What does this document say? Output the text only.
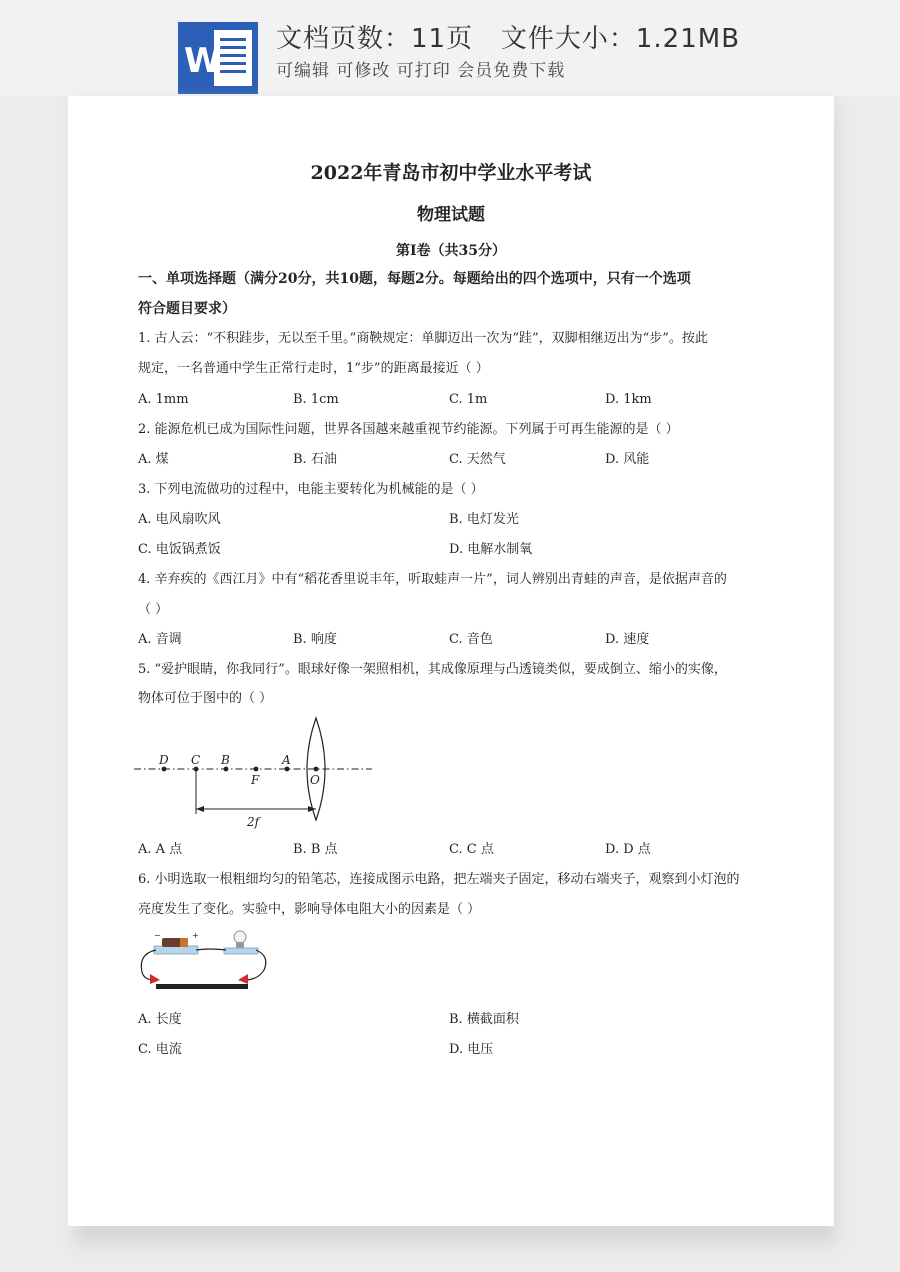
W
文档页数：11页   文件大小：1.21MB
可编辑 可修改 可打印 会员免费下载
2022年青岛市初中学业水平考试
物理试题
第I卷（共35分）
一、单项选择题（满分20分，共10题，每题2分。每题给出的四个选项中，只有一个选项
符合题目要求）
1. 古人云：“不积跬步，无以至千里。”商鞅规定：单脚迈出一次为“跬”，双脚相继迈出为“步”。按此
规定，一名普通中学生正常行走时，1“步”的距离最接近（ ）
A. 1mm	B. 1cm	C. 1m	D. 1km
2. 能源危机已成为国际性问题，世界各国越来越重视节约能源。下列属于可再生能源的是（ ）
A. 煤	B. 石油	C. 天然气	D. 风能
3. 下列电流做功的过程中，电能主要转化为机械能的是（ ）
A. 电风扇吹风	B. 电灯发光
C. 电饭锅煮饭	D. 电解水制氧
4. 辛弃疾的《西江月》中有“稻花香里说丰年，听取蛙声一片”，词人辨别出青蛙的声音，是依据声音的
（ ）
A. 音调	B. 响度	C. 音色	D. 速度
5. “爱护眼睛，你我同行”。眼球好像一架照相机，其成像原理与凸透镜类似，要成倒立、缩小的实像，
物体可位于图中的（ ）
D C B	A
F	O
2f
A. A 点	B. B 点	C. C 点	D. D 点
6. 小明选取一根粗细均匀的铅笔芯，连接成图示电路，把左端夹子固定，移动右端夹子，观察到小灯泡的
亮度发生了变化。实验中，影响导体电阻大小的因素是（ ）
−	+
A. 长度	B. 横截面积
C. 电流	D. 电压
